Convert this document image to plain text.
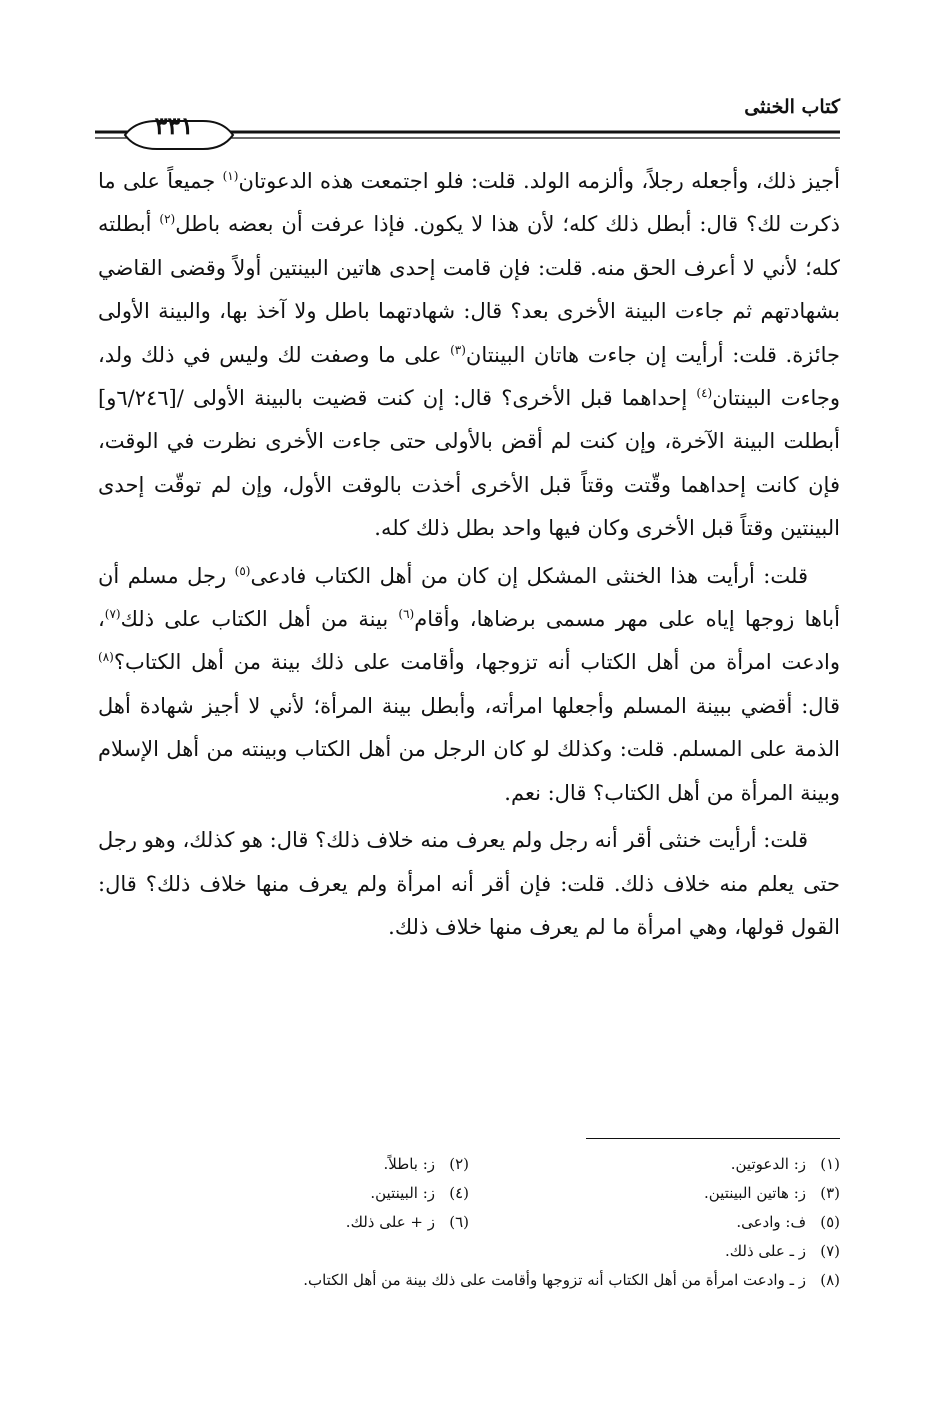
كتاب الخنثى
٣٣١

أجيز ذلك، وأجعله رجلاً، وألزمه الولد. قلت: فلو اجتمعت هذه الدعوتان$^{(١)}$ جميعاً على ما ذكرت لك؟ قال: أبطل ذلك كله؛ لأن هذا لا يكون. فإذا عرفت أن بعضه باطل$^{(٢)}$ أبطلته كله؛ لأني لا أعرف الحق منه. قلت: فإن قامت إحدى هاتين البينتين أولاً وقضى القاضي بشهادتهم ثم جاءت البينة الأخرى بعد؟ قال: شهادتهما باطل ولا آخذ بها، والبينة الأولى جائزة. قلت: أرأيت إن جاءت هاتان البينتان$^{(٣)}$ على ما وصفت لك وليس في ذلك ولد، وجاءت البينتان$^{(٤)}$ إحداهما قبل الأخرى؟ قال: إن كنت قضيت بالبينة الأولى /[٦/٢٤٦و] أبطلت البينة الآخرة، وإن كنت لم أقض بالأولى حتى جاءت الأخرى نظرت في الوقت، فإن كانت إحداهما وقّتت وقتاً قبل الأخرى أخذت بالوقت الأول، وإن لم توقّت إحدى البينتين وقتاً قبل الأخرى وكان فيها واحد بطل ذلك كله.

قلت: أرأيت هذا الخنثى المشكل إن كان من أهل الكتاب فادعى$^{(٥)}$ رجل مسلم أن أباها زوجها إياه على مهر مسمى برضاها، وأقام$^{(٦)}$ بينة من أهل الكتاب على ذلك$^{(٧)}$، وادعت امرأة من أهل الكتاب أنه تزوجها، وأقامت على ذلك بينة من أهل الكتاب؟$^{(٨)}$ قال: أقضي ببينة المسلم وأجعلها امرأته، وأبطل بينة المرأة؛ لأني لا أجيز شهادة أهل الذمة على المسلم. قلت: وكذلك لو كان الرجل من أهل الكتاب وبينته من أهل الإسلام وبينة المرأة من أهل الكتاب؟ قال: نعم.

قلت: أرأيت خنثى أقر أنه رجل ولم يعرف منه خلاف ذلك؟ قال: هو كذلك، وهو رجل حتى يعلم منه خلاف ذلك. قلت: فإن أقر أنه امرأة ولم يعرف منها خلاف ذلك؟ قال: القول قولها، وهي امرأة ما لم يعرف منها خلاف ذلك.

(١)ز: الدعوتين.
(٢)ز: باطلاً.
(٣)ز: هاتين البينتين.
(٤)ز: البينتين.
(٥)ف: وادعى.
(٦)ز + على ذلك.
(٧)ز ـ على ذلك.
(٨)ز ـ وادعت امرأة من أهل الكتاب أنه تزوجها وأقامت على ذلك بينة من أهل الكتاب.
